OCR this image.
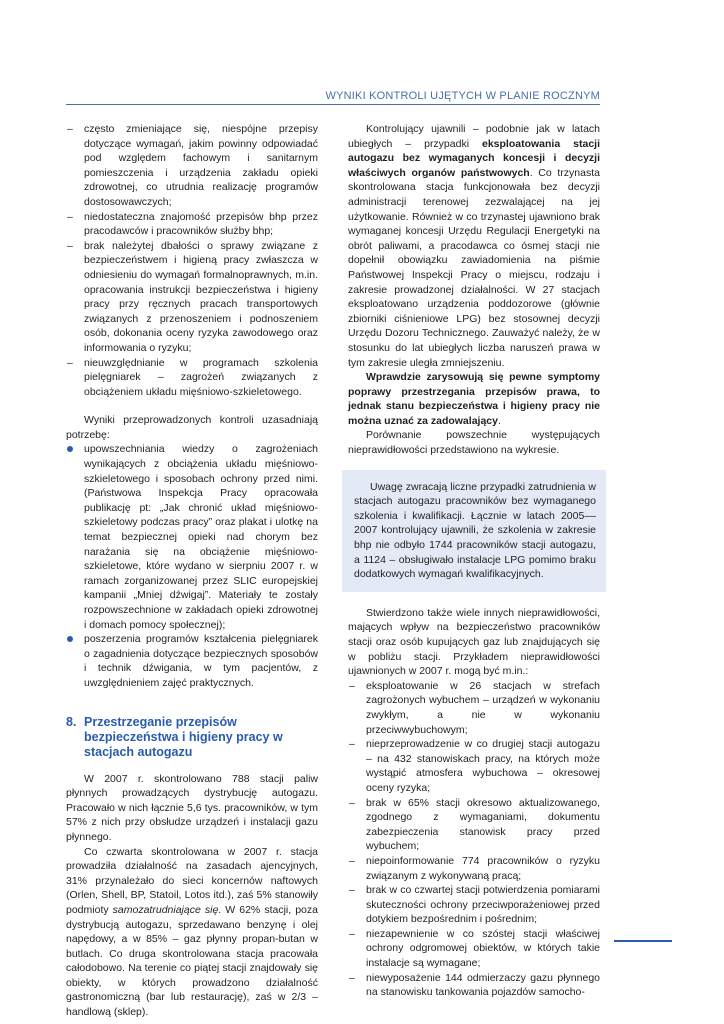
WYNIKI KONTROLI UJĘTYCH W PLANIE ROCZNYM
– często zmieniające się, niespójne przepisy dotyczące wymagań, jakim powinny odpowiadać pod względem fachowym i sanitarnym pomieszczenia i urządzenia zakładu opieki zdrowotnej, co utrudnia realizację programów dostosowawczych;
– niedostateczna znajomość przepisów bhp przez pracodawców i pracowników służby bhp;
– brak należytej dbałości o sprawy związane z bezpieczeństwem i higieną pracy zwłaszcza w odniesieniu do wymagań formalnoprawnych, m.in. opracowania instrukcji bezpieczeństwa i higieny pracy przy ręcznych pracach transportowych związanych z przenoszeniem i podnoszeniem osób, dokonania oceny ryzyka zawodowego oraz informowania o ryzyku;
– nieuwzględnianie w programach szkolenia pielęgniarek – zagrożeń związanych z obciążeniem układu mięśniowo-szkieletowego.

Wyniki przeprowadzonych kontroli uzasadniają potrzebę:

upowszechniania wiedzy o zagrożeniach wynikających z obciążenia układu mięśniowo-szkieletowego i sposobach ochrony przed nimi. (Państwowa Inspekcja Pracy opracowała publikację pt: „Jak chronić układ mięśniowo-szkieletowy podczas pracy” oraz plakat i ulotkę na temat bezpiecznej opieki nad chorym bez narażania się na obciążenie mięśniowo-szkieletowe, które wydano w sierpniu 2007 r. w ramach zorganizowanej przez SLIC europejskiej kampanii „Mniej dźwigaj”. Materiały te zostały rozpowszechnione w zakładach opieki zdrowotnej i domach pomocy społecznej);
poszerzenia programów kształcenia pielęgniarek o zagadnienia dotyczące bezpiecznych sposobów i technik dźwigania, w tym pacjentów, z uwzględnieniem zajęć praktycznych.
8. Przestrzeganie przepisów bezpieczeństwa i higieny pracy w stacjach autogazu

W 2007 r. skontrolowano 788 stacji paliw płynnych prowadzących dystrybucję autogazu. Pracowało w nich łącznie 5,6 tys. pracowników, w tym 57% z nich przy obsłudze urządzeń i instalacji gazu płynnego.

Co czwarta skontrolowana w 2007 r. stacja prowadziła działalność na zasadach ajencyjnych, 31% przynależało do sieci koncernów naftowych (Orlen, Shell, BP, Statoil, Lotos itd.), zaś 5% stanowiły podmioty samozatrudniające się. W 62% stacji, poza dystrybucją autogazu, sprzedawano benzynę i olej napędowy, a w 85% – gaz płynny propan-butan w butlach. Co druga skontrolowana stacja pracowała całodobowo. Na terenie co piątej stacji znajdowały się obiekty, w których prowadzono działalność gastronomiczną (bar lub restaurację), zaś w 2/3 – handlową (sklep).

Kontrolujący ujawnili – podobnie jak w latach ubiegłych – przypadki eksploatowania stacji autogazu bez wymaganych koncesji i decyzji właściwych organów państwowych. Co trzynasta skontrolowana stacja funkcjonowała bez decyzji administracji terenowej zezwalającej na jej użytkowanie. Również w co trzynastej ujawniono brak wymaganej koncesji Urzędu Regulacji Energetyki na obrót paliwami, a pracodawca co ósmej stacji nie dopełnił obowiązku zawiadomienia na piśmie Państwowej Inspekcji Pracy o miejscu, rodzaju i zakresie prowadzonej działalności. W 27 stacjach eksploatowano urządzenia poddozorowe (głównie zbiorniki ciśnieniowe LPG) bez stosownej decyzji Urzędu Dozoru Technicznego. Zauważyć należy, że w stosunku do lat ubiegłych liczba naruszeń prawa w tym zakresie uległa zmniejszeniu.

Wprawdzie zarysowują się pewne symptomy poprawy przestrzegania przepisów prawa, to jednak stanu bezpieczeństwa i higieny pracy nie można uznać za zadowalający.

Porównanie powszechnie występujących nieprawidłowości przedstawiono na wykresie.

Uwagę zwracają liczne przypadki zatrudnienia w stacjach autogazu pracowników bez wymaganego szkolenia i kwalifikacji. Łącznie w latach 2005––2007 kontrolujący ujawnili, że szkolenia w zakresie bhp nie odbyło 1744 pracowników stacji autogazu, a 1124 – obsługiwało instalacje LPG pomimo braku dodatkowych wymagań kwalifikacyjnych.

Stwierdzono także wiele innych nieprawidłowości, mających wpływ na bezpieczeństwo pracowników stacji oraz osób kupujących gaz lub znajdujących się w pobliżu stacji. Przykładem nieprawidłowości ujawnionych w 2007 r. mogą być m.in.:

– eksploatowanie w 26 stacjach w strefach zagrożonych wybuchem – urządzeń w wykonaniu zwykłym, a nie w wykonaniu przeciwwybuchowym;
– nieprzeprowadzenie w co drugiej stacji autogazu – na 432 stanowiskach pracy, na których może wystąpić atmosfera wybuchowa – okresowej oceny ryzyka;
– brak w 65% stacji okresowo aktualizowanego, zgodnego z wymaganiami, dokumentu zabezpieczenia stanowisk pracy przed wybuchem;
– niepoinformowanie 774 pracowników o ryzyku związanym z wykonywaną pracą;
– brak w co czwartej stacji potwierdzenia pomiarami skuteczności ochrony przeciwporażeniowej przed dotykiem bezpośrednim i pośrednim;
– niezapewnienie w co szóstej stacji właściwej ochrony odgromowej obiektów, w których takie instalacje są wymagane;
– niewyposażenie 144 odmierzaczy gazu płynnego na stanowisku tankowania pojazdów samocho-
